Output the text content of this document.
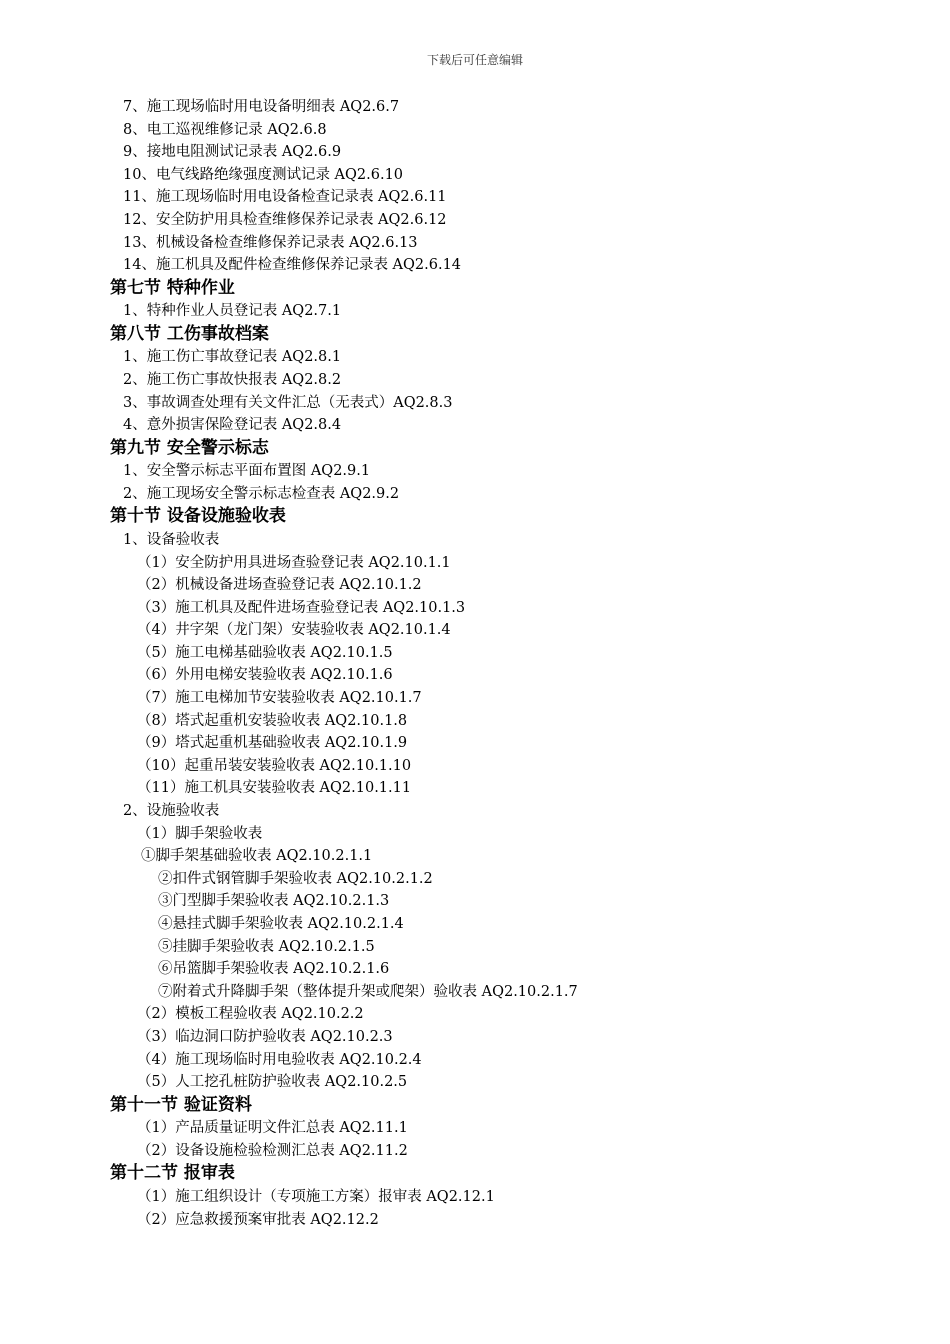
下载后可任意编辑
7、施工现场临时用电设备明细表 AQ2.6.7
8、电工巡视维修记录 AQ2.6.8
9、接地电阻测试记录表 AQ2.6.9
10、电气线路绝缘强度测试记录 AQ2.6.10
11、施工现场临时用电设备检查记录表 AQ2.6.11
12、安全防护用具检查维修保养记录表 AQ2.6.12
13、机械设备检查维修保养记录表 AQ2.6.13
14、施工机具及配件检查维修保养记录表 AQ2.6.14
第七节 特种作业
1、特种作业人员登记表 AQ2.7.1
第八节 工伤事故档案
1、施工伤亡事故登记表 AQ2.8.1
2、施工伤亡事故快报表 AQ2.8.2
3、事故调查处理有关文件汇总（无表式）AQ2.8.3
4、意外损害保险登记表 AQ2.8.4
第九节 安全警示标志
1、安全警示标志平面布置图 AQ2.9.1
2、施工现场安全警示标志检查表 AQ2.9.2
第十节 设备设施验收表
1、设备验收表
（1）安全防护用具进场查验登记表 AQ2.10.1.1
（2）机械设备进场查验登记表 AQ2.10.1.2
（3）施工机具及配件进场查验登记表 AQ2.10.1.3
（4）井字架（龙门架）安装验收表 AQ2.10.1.4
（5）施工电梯基础验收表 AQ2.10.1.5
（6）外用电梯安装验收表 AQ2.10.1.6
（7）施工电梯加节安装验收表 AQ2.10.1.7
（8）塔式起重机安装验收表 AQ2.10.1.8
（9）塔式起重机基础验收表 AQ2.10.1.9
（10）起重吊装安装验收表 AQ2.10.1.10
（11）施工机具安装验收表 AQ2.10.1.11
2、设施验收表
（1）脚手架验收表
①脚手架基础验收表 AQ2.10.2.1.1
②扣件式钢管脚手架验收表 AQ2.10.2.1.2
③门型脚手架验收表 AQ2.10.2.1.3
④悬挂式脚手架验收表 AQ2.10.2.1.4
⑤挂脚手架验收表 AQ2.10.2.1.5
⑥吊篮脚手架验收表 AQ2.10.2.1.6
⑦附着式升降脚手架（整体提升架或爬架）验收表 AQ2.10.2.1.7
（2）模板工程验收表 AQ2.10.2.2
（3）临边洞口防护验收表 AQ2.10.2.3
（4）施工现场临时用电验收表 AQ2.10.2.4
（5）人工挖孔桩防护验收表 AQ2.10.2.5
第十一节 验证资料
（1）产品质量证明文件汇总表 AQ2.11.1
（2）设备设施检验检测汇总表 AQ2.11.2
第十二节 报审表
（1）施工组织设计（专项施工方案）报审表 AQ2.12.1
（2）应急救援预案审批表 AQ2.12.2
